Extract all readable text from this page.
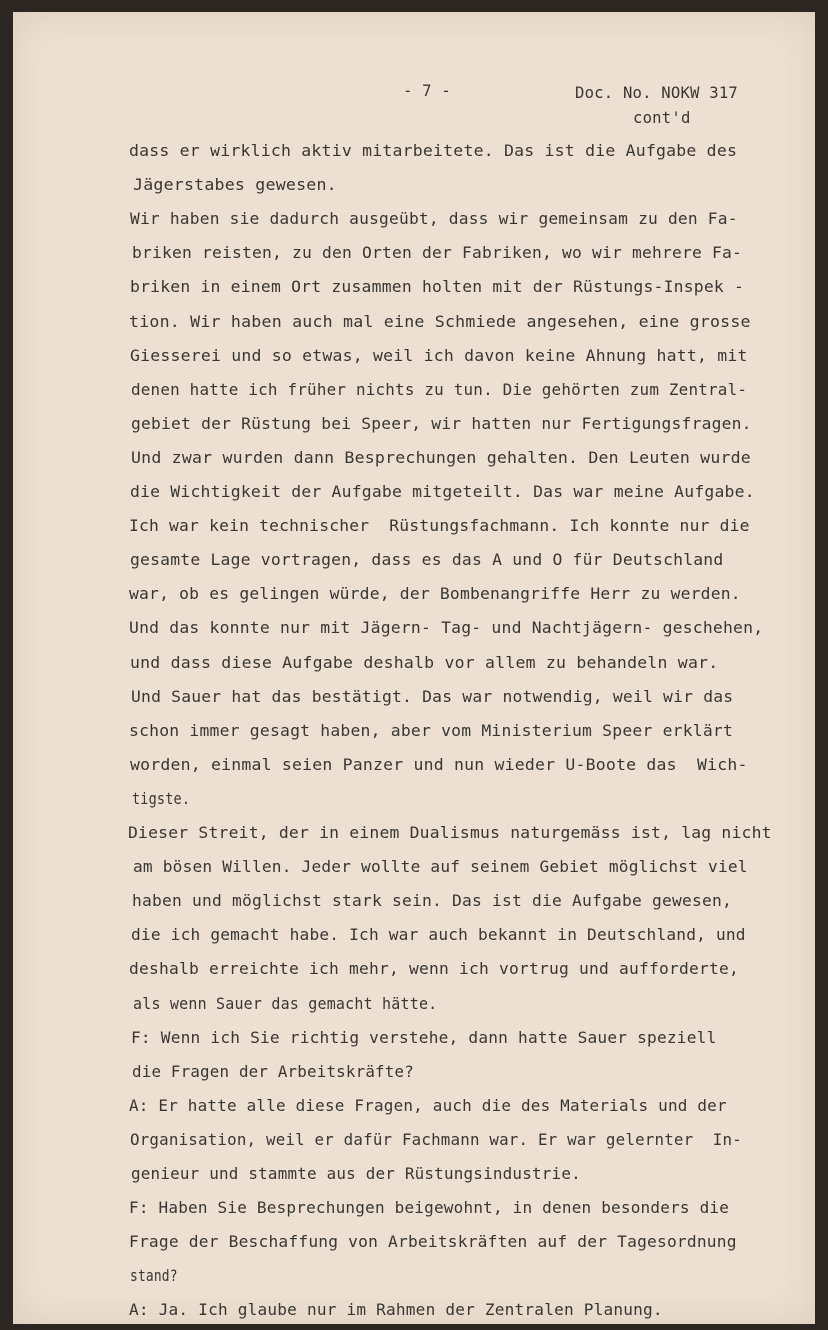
- 7 -	Doc. No. NOKW 317
cont'd
dass er wirklich aktiv mitarbeitete. Das ist die Aufgabe des
Jägerstabes gewesen.
Wir haben sie dadurch ausgeübt, dass wir gemeinsam zu den Fa-
briken reisten, zu den Orten der Fabriken, wo wir mehrere Fa-
briken in einem Ort zusammen holten mit der Rüstungs-Inspek -
tion. Wir haben auch mal eine Schmiede angesehen, eine grosse
Giesserei und so etwas, weil ich davon keine Ahnung hatt, mit
denen hatte ich früher nichts zu tun. Die gehörten zum Zentral-
gebiet der Rüstung bei Speer, wir hatten nur Fertigungsfragen.
Und zwar wurden dann Besprechungen gehalten. Den Leuten wurde
die Wichtigkeit der Aufgabe mitgeteilt. Das war meine Aufgabe.
Ich war kein technischer  Rüstungsfachmann. Ich konnte nur die
gesamte Lage vortragen, dass es das A und O für Deutschland
war, ob es gelingen würde, der Bombenangriffe Herr zu werden.
Und das konnte nur mit Jägern- Tag- und Nachtjägern- geschehen,
und dass diese Aufgabe deshalb vor allem zu behandeln war.
Und Sauer hat das bestätigt. Das war notwendig, weil wir das
schon immer gesagt haben, aber vom Ministerium Speer erklärt
worden, einmal seien Panzer und nun wieder U-Boote das  Wich-
tigste.
Dieser Streit, der in einem Dualismus naturgemäss ist, lag nicht
am bösen Willen. Jeder wollte auf seinem Gebiet möglichst viel
haben und möglichst stark sein. Das ist die Aufgabe gewesen,
die ich gemacht habe. Ich war auch bekannt in Deutschland, und
deshalb erreichte ich mehr, wenn ich vortrug und aufforderte,
als wenn Sauer das gemacht hätte.
F: Wenn ich Sie richtig verstehe, dann hatte Sauer speziell
die Fragen der Arbeitskräfte?
A: Er hatte alle diese Fragen, auch die des Materials und der
Organisation, weil er dafür Fachmann war. Er war gelernter  In-
genieur und stammte aus der Rüstungsindustrie.
F: Haben Sie Besprechungen beigewohnt, in denen besonders die
Frage der Beschaffung von Arbeitskräften auf der Tagesordnung
stand?
A: Ja. Ich glaube nur im Rahmen der Zentralen Planung.
